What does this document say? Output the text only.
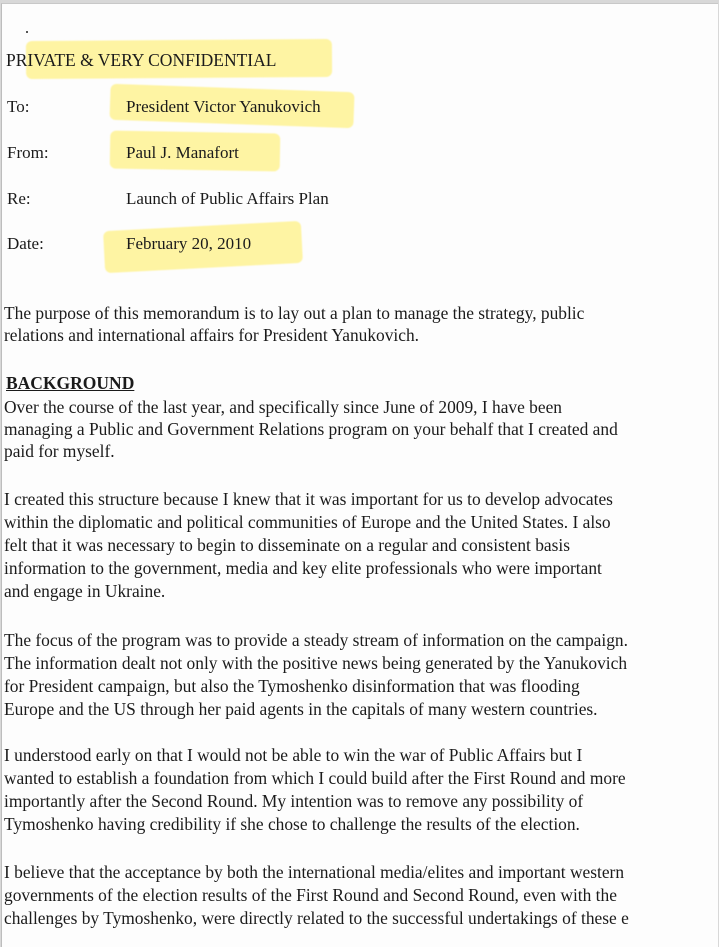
PRIVATE & VERY CONFIDENTIAL
To:	President Victor Yanukovich
From:	Paul J. Manafort
Re:	Launch of Public Affairs Plan
Date:	February 20, 2010
The purpose of this memorandum is to lay out a plan to manage the strategy, public
relations and international affairs for President Yanukovich.
BACKGROUND
Over the course of the last year, and specifically since June of 2009, I have been
managing a Public and Government Relations program on your behalf that I created and
paid for myself.
I created this structure because I knew that it was important for us to develop advocates
within the diplomatic and political communities of Europe and the United States. I also
felt that it was necessary to begin to disseminate on a regular and consistent basis
information to the government, media and key elite professionals who were important
and engage in Ukraine.
The focus of the program was to provide a steady stream of information on the campaign.
The information dealt not only with the positive news being generated by the Yanukovich
for President campaign, but also the Tymoshenko disinformation that was flooding
Europe and the US through her paid agents in the capitals of many western countries.
I understood early on that I would not be able to win the war of Public Affairs but I
wanted to establish a foundation from which I could build after the First Round and more
importantly after the Second Round. My intention was to remove any possibility of
Tymoshenko having credibility if she chose to challenge the results of the election.
I believe that the acceptance by both the international media/elites and important western
governments of the election results of the First Round and Second Round, even with the
challenges by Tymoshenko, were directly related to the successful undertakings of these e
